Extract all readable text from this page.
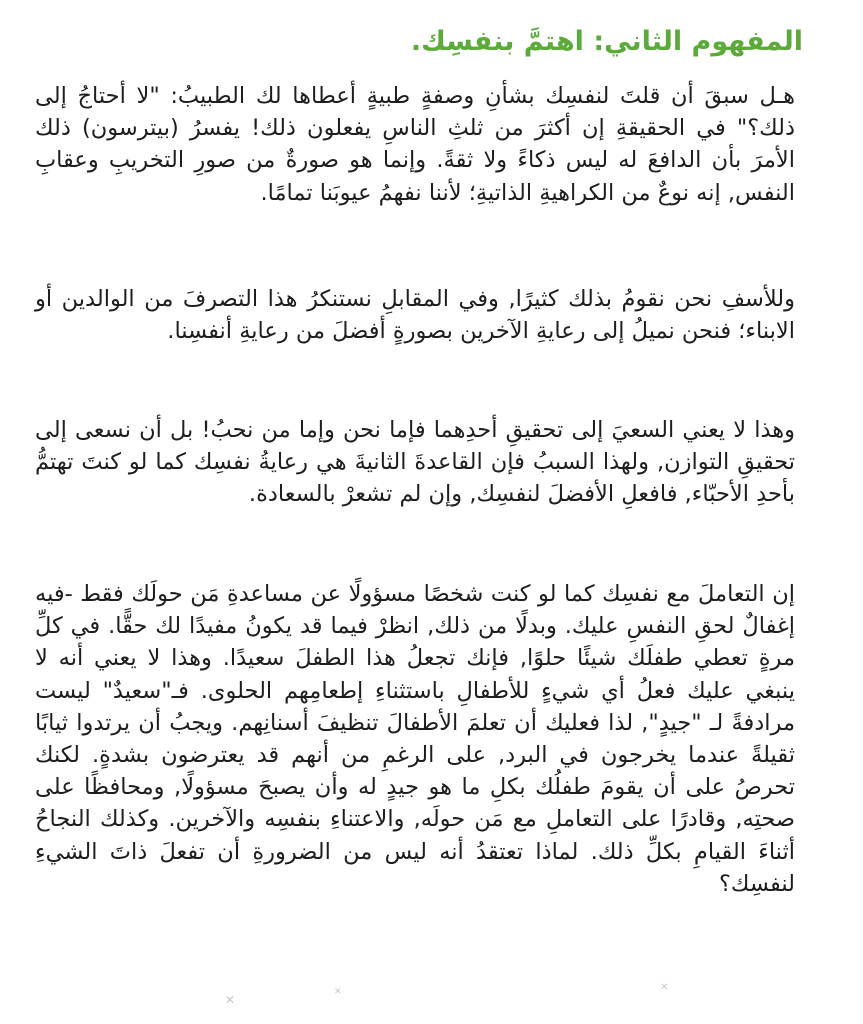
المفهوم الثاني: اهتمَّ بنفسِك.

هـل سبقَ أن قلتَ لنفسِك بشأنِ وصفةٍ طبيةٍ أعطاها لك الطبيبُ: "لا أحتاجُ إلى ذلك؟" في الحقيقةِ إن أكثرَ من ثلثِ الناسِ يفعلون ذلك! يفسرُ (بيترسون) ذلك الأمرَ بأن الدافعَ له ليس ذكاءً ولا ثقةً. وإنما هو صورةٌ من صورِ التخريبِ وعقابِ النفس, إنه نوعٌ من الكراهيةِ الذاتيةِ؛ لأننا نفهمُ عيوبَنا تمامًا.

وللأسفِ نحن نقومُ بذلك كثيرًا, وفي المقابلِ نستنكرُ هذا التصرفَ من الوالدين أو الابناء؛ فنحن نميلُ إلى رعايةِ الآخرين بصورةٍ أفضلَ من رعايةِ أنفسِنا.

وهذا لا يعني السعيَ إلى تحقيقِ أحدِهما فإما نحن وإما من نحبُ! بل أن نسعى إلى تحقيقِ التوازن, ولهذا السببُ فإن القاعدةَ الثانيةَ هي رعايةُ نفسِك كما لو كنتَ تهتمُّ بأحدِ الأحبّاء, فافعلِ الأفضلَ لنفسِك, وإن لم تشعرْ بالسعادة.

إن التعاملَ مع نفسِك كما لو كنت شخصًا مسؤولًا عن مساعدةِ مَن حولَك فقط -فيه إغفالٌ لحقِ النفسِ عليك. وبدلًا من ذلك, انظرْ فيما قد يكونُ مفيدًا لك حقًّا. في كلِّ مرةٍ تعطي طفلَك شيئًا حلوًا, فإنك تجعلُ هذا الطفلَ سعيدًا. وهذا لا يعني أنه لا ينبغي عليك فعلُ أي شيءٍ للأطفالِ باستثناءِ إطعامِهم الحلوى. فـ"سعيدٌ" ليست مرادفةً لـ "جيدٍ", لذا فعليك أن تعلمَ الأطفالَ تنظيفَ أسنانِهم. ويجبُ أن يرتدوا ثيابًا ثقيلةً عندما يخرجون في البرد, على الرغمِ من أنهم قد يعترضون بشدةٍ. لكنك تحرصُ على أن يقومَ طفلُك بكلِ ما هو جيدٍ له وأن يصبحَ مسؤولًا, ومحافظًا على صحتِه, وقادرًا على التعاملِ مع مَن حولَه, والاعتناءِ بنفسِه والآخرين. وكذلك النجاحُ أثناءَ القيامِ بكلِّ ذلك. لماذا تعتقدُ أنه ليس من الضرورةِ أن تفعلَ ذاتَ الشيءِ لنفسِك؟

✕
✕	✕
